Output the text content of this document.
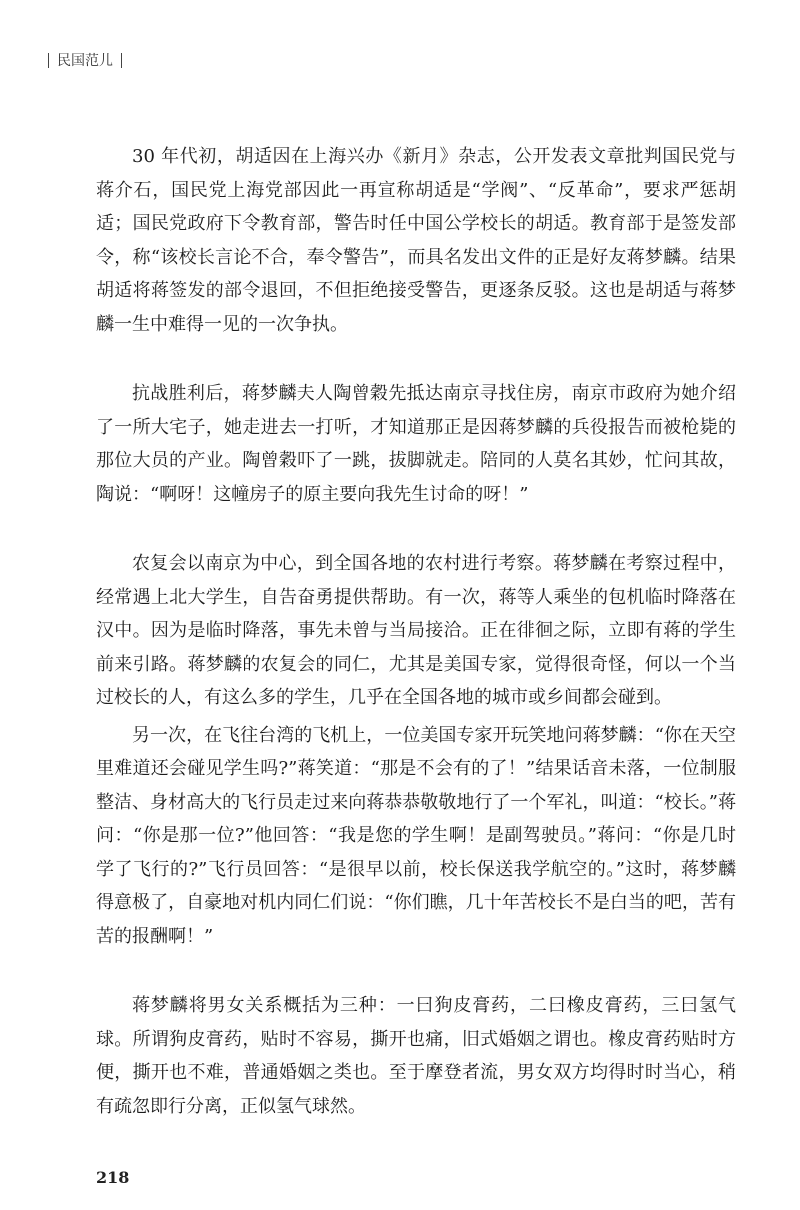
民国范儿

30 年代初，胡适因在上海兴办《新月》杂志，公开发表文章批判国民党与蒋介石，国民党上海党部因此一再宣称胡适是“学阀”、“反革命”，要求严惩胡适；国民党政府下令教育部，警告时任中国公学校长的胡适。教育部于是签发部令，称“该校长言论不合，奉令警告”，而具名发出文件的正是好友蒋梦麟。结果胡适将蒋签发的部令退回，不但拒绝接受警告，更逐条反驳。这也是胡适与蒋梦麟一生中难得一见的一次争执。

抗战胜利后，蒋梦麟夫人陶曾穀先抵达南京寻找住房，南京市政府为她介绍了一所大宅子，她走进去一打听，才知道那正是因蒋梦麟的兵役报告而被枪毙的那位大员的产业。陶曾穀吓了一跳，拔脚就走。陪同的人莫名其妙，忙问其故，陶说：“啊呀！这幢房子的原主要向我先生讨命的呀！”

农复会以南京为中心，到全国各地的农村进行考察。蒋梦麟在考察过程中，经常遇上北大学生，自告奋勇提供帮助。有一次，蒋等人乘坐的包机临时降落在汉中。因为是临时降落，事先未曾与当局接洽。正在徘徊之际，立即有蒋的学生前来引路。蒋梦麟的农复会的同仁，尤其是美国专家，觉得很奇怪，何以一个当过校长的人，有这么多的学生，几乎在全国各地的城市或乡间都会碰到。

另一次，在飞往台湾的飞机上，一位美国专家开玩笑地问蒋梦麟：“你在天空里难道还会碰见学生吗?”蒋笑道：“那是不会有的了！”结果话音未落，一位制服整洁、身材高大的飞行员走过来向蒋恭恭敬敬地行了一个军礼，叫道：“校长。”蒋问：“你是那一位?”他回答：“我是您的学生啊！是副驾驶员。”蒋问：“你是几时学了飞行的?”飞行员回答：“是很早以前，校长保送我学航空的。”这时，蒋梦麟得意极了，自豪地对机内同仁们说：“你们瞧，几十年苦校长不是白当的吧，苦有苦的报酬啊！”

蒋梦麟将男女关系概括为三种：一曰狗皮膏药，二曰橡皮膏药，三曰氢气球。所谓狗皮膏药，贴时不容易，撕开也痛，旧式婚姻之谓也。橡皮膏药贴时方便，撕开也不难，普通婚姻之类也。至于摩登者流，男女双方均得时时当心，稍有疏忽即行分离，正似氢气球然。

218
